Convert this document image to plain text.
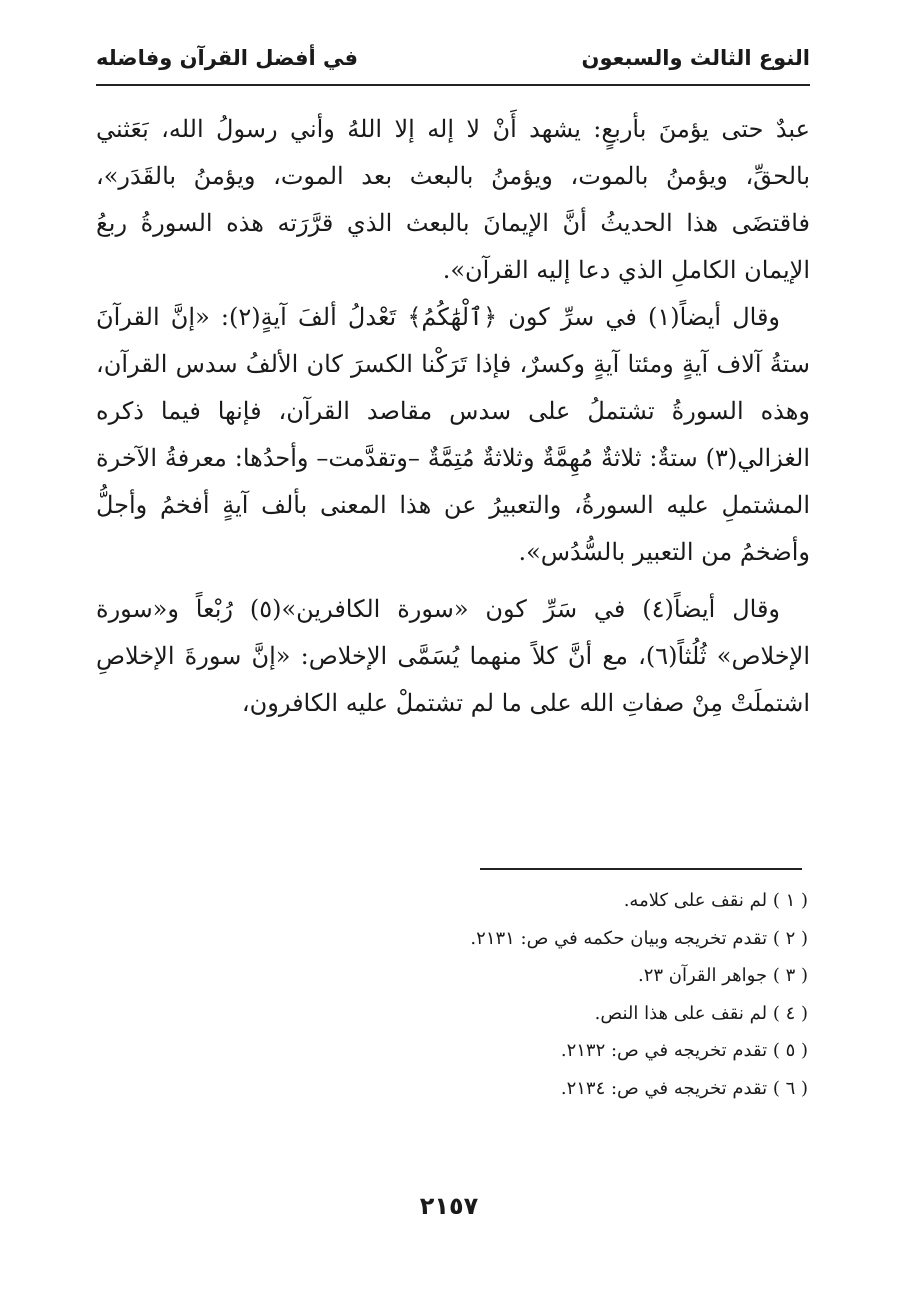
النوع الثالث والسبعون
في أفضل القرآن وفاضله

عبدٌ حتى يؤمنَ بأربعٍ: يشهد أَنْ لا إله إلا اللهُ وأني رسولُ الله، بَعَثني بالحقِّ، ويؤمنُ بالموت، ويؤمنُ بالبعث بعد الموت، ويؤمنُ بالقَدَر»، فاقتضَى هذا الحديثُ أنَّ الإيمانَ بالبعث الذي قرَّرَته هذه السورةُ ربعُ الإيمان الكاملِ الذي دعا إليه القرآن».

وقال أيضاً(١) في سرِّ كون ﴿ٱلْهَٰكُمُ﴾ تَعْدلُ ألفَ آيةٍ(٢): «إنَّ القرآنَ ستةُ آلاف آيةٍ ومئتا آيةٍ وكسرٌ، فإذا تَرَكْنا الكسرَ كان الألفُ سدس القرآن، وهذه السورةُ تشتملُ على سدس مقاصد القرآن، فإنها فيما ذكره الغزالي(٣) ستةٌ: ثلاثةٌ مُهِمَّةٌ وثلاثةٌ مُتِمَّةٌ –وتقدَّمت– وأحدُها: معرفةُ الآخرة المشتملِ عليه السورةُ، والتعبيرُ عن هذا المعنى بألف آيةٍ أفخمُ وأجلُّ وأضخمُ من التعبير بالسُّدُس».

وقال أيضاً(٤) في سَرِّ كون «سورة الكافرين»(٥) رُبْعاً و«سورة الإخلاص» ثُلُثاً(٦)، مع أنَّ كلاً منهما يُسَمَّى الإخلاص: «إنَّ سورةَ الإخلاصِ اشتملَتْ مِنْ صفاتِ الله على ما لم تشتملْ عليه الكافرون،

( ١ ) لم نقف على كلامه.
( ٢ ) تقدم تخريجه وبيان حكمه في ص: ٢١٣١.
( ٣ ) جواهر القرآن ٢٣.
( ٤ ) لم نقف على هذا النص.
( ٥ ) تقدم تخريجه في ص: ٢١٣٢.
( ٦ ) تقدم تخريجه في ص: ٢١٣٤.
٢١٥٧
